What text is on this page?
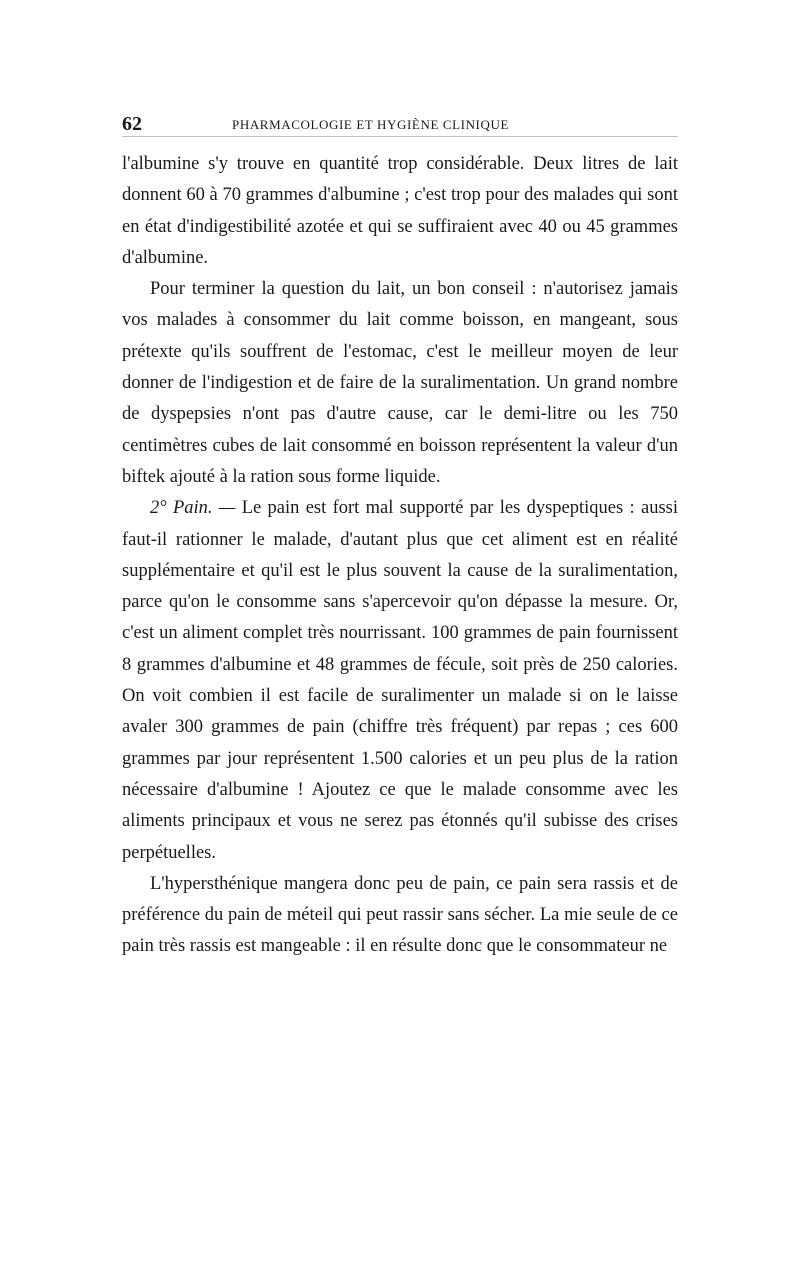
62	PHARMACOLOGIE ET HYGIÈNE CLINIQUE

l'albumine s'y trouve en quantité trop considérable. Deux litres de lait donnent 60 à 70 grammes d'albumine ; c'est trop pour des malades qui sont en état d'indigestibilité azotée et qui se suffiraient avec 40 ou 45 grammes d'albumine.

Pour terminer la question du lait, un bon conseil : n'autorisez jamais vos malades à consommer du lait comme boisson, en mangeant, sous prétexte qu'ils souffrent de l'estomac, c'est le meilleur moyen de leur donner de l'indigestion et de faire de la suralimentation. Un grand nombre de dyspepsies n'ont pas d'autre cause, car le demi-litre ou les 750 centimètres cubes de lait consommé en boisson représentent la valeur d'un biftek ajouté à la ration sous forme liquide.

2° Pain. — Le pain est fort mal supporté par les dyspeptiques : aussi faut-il rationner le malade, d'autant plus que cet aliment est en réalité supplémentaire et qu'il est le plus souvent la cause de la suralimentation, parce qu'on le consomme sans s'apercevoir qu'on dépasse la mesure. Or, c'est un aliment complet très nourrissant. 100 grammes de pain fournissent 8 grammes d'albumine et 48 grammes de fécule, soit près de 250 calories. On voit combien il est facile de suralimenter un malade si on le laisse avaler 300 grammes de pain (chiffre très fréquent) par repas ; ces 600 grammes par jour représentent 1.500 calories et un peu plus de la ration nécessaire d'albumine ! Ajoutez ce que le malade consomme avec les aliments principaux et vous ne serez pas étonnés qu'il subisse des crises perpétuelles.

L'hypersthénique mangera donc peu de pain, ce pain sera rassis et de préférence du pain de méteil qui peut rassir sans sécher. La mie seule de ce pain très rassis est mangeable : il en résulte donc que le consommateur ne
